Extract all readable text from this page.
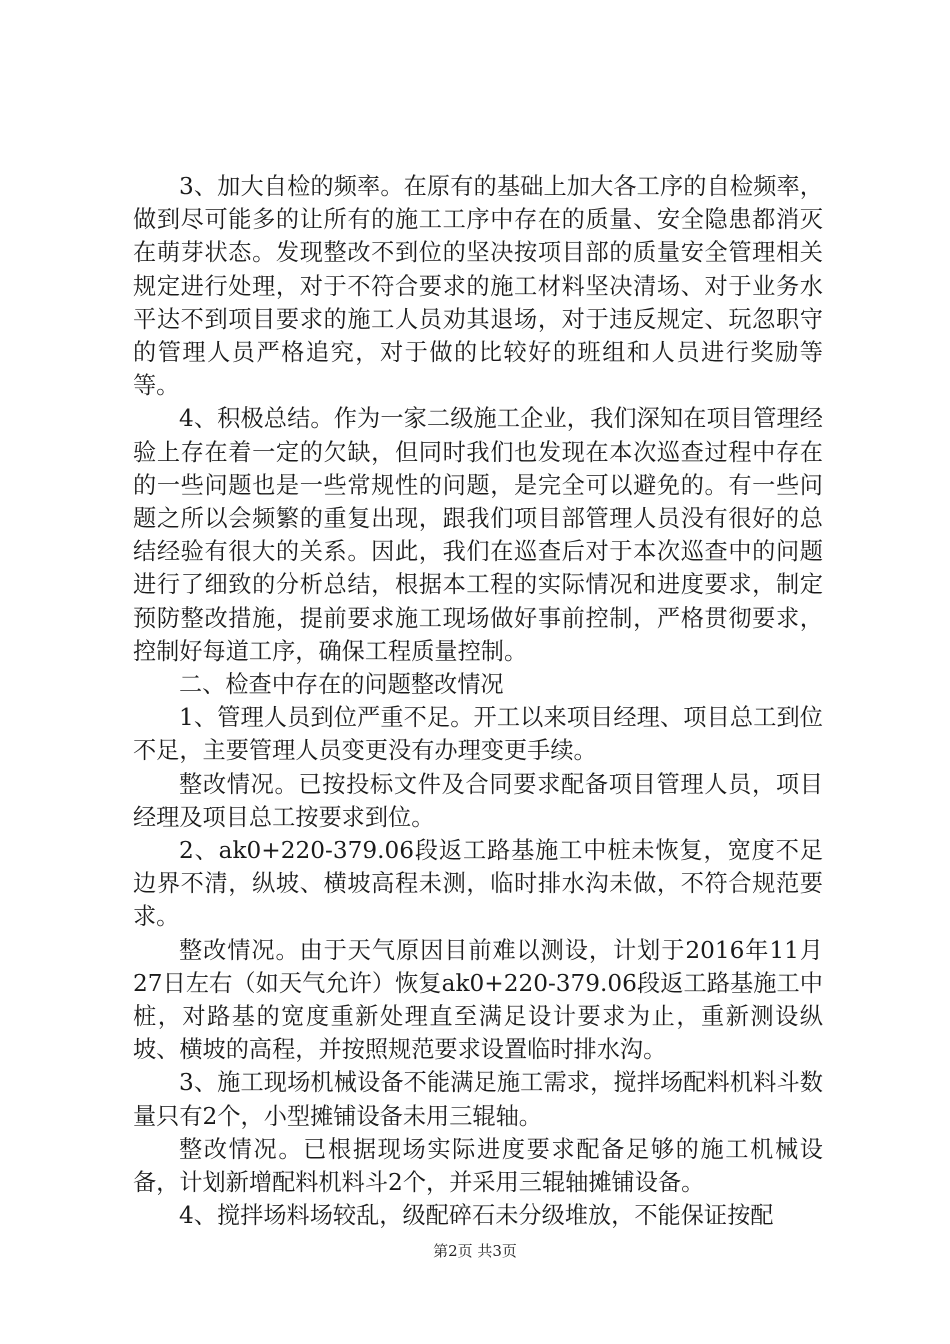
3、加大自检的频率。在原有的基础上加大各工序的自检频率，做到尽可能多的让所有的施工工序中存在的质量、安全隐患都消灭在萌芽状态。发现整改不到位的坚决按项目部的质量安全管理相关规定进行处理，对于不符合要求的施工材料坚决清场、对于业务水平达不到项目要求的施工人员劝其退场，对于违反规定、玩忽职守的管理人员严格追究，对于做的比较好的班组和人员进行奖励等等。

4、积极总结。作为一家二级施工企业，我们深知在项目管理经验上存在着一定的欠缺，但同时我们也发现在本次巡查过程中存在的一些问题也是一些常规性的问题，是完全可以避免的。有一些问题之所以会频繁的重复出现，跟我们项目部管理人员没有很好的总结经验有很大的关系。因此，我们在巡查后对于本次巡查中的问题进行了细致的分析总结，根据本工程的实际情况和进度要求，制定预防整改措施，提前要求施工现场做好事前控制，严格贯彻要求，控制好每道工序，确保工程质量控制。

二、检查中存在的问题整改情况

1、管理人员到位严重不足。开工以来项目经理、项目总工到位不足，主要管理人员变更没有办理变更手续。

整改情况。已按投标文件及合同要求配备项目管理人员，项目经理及项目总工按要求到位。

2、ak0+220-379.06段返工路基施工中桩未恢复，宽度不足边界不清，纵坡、横坡高程未测，临时排水沟未做，不符合规范要求。

整改情况。由于天气原因目前难以测设，计划于2016年11月27日左右（如天气允许）恢复ak0+220-379.06段返工路基施工中桩，对路基的宽度重新处理直至满足设计要求为止，重新测设纵坡、横坡的高程，并按照规范要求设置临时排水沟。

3、施工现场机械设备不能满足施工需求，搅拌场配料机料斗数量只有2个，小型摊铺设备未用三辊轴。

整改情况。已根据现场实际进度要求配备足够的施工机械设备，计划新增配料机料斗2个，并采用三辊轴摊铺设备。

4、搅拌场料场较乱，级配碎石未分级堆放，不能保证按配

第2页 共3页
